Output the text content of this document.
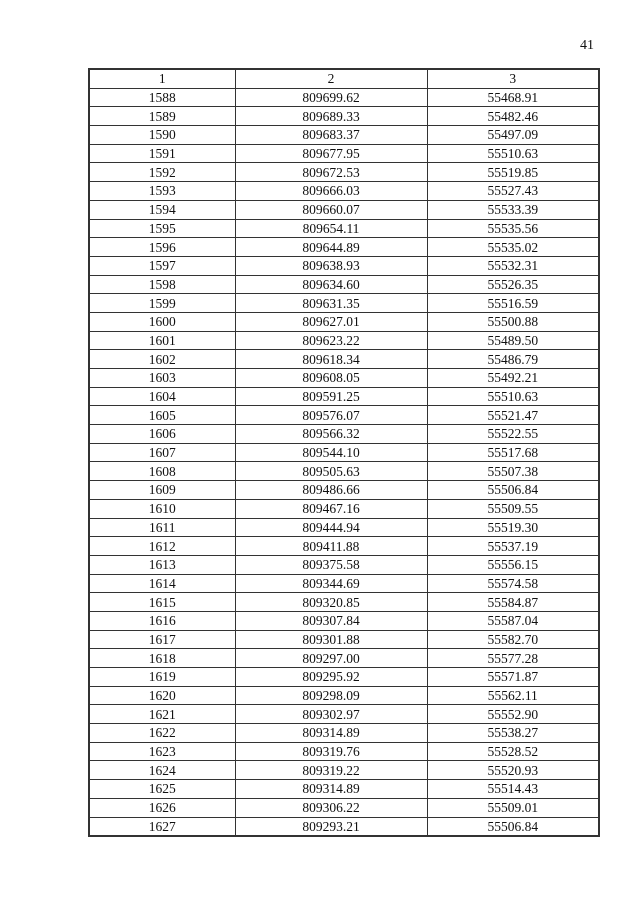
41
1	2	3
1588	809699.62	55468.91
1589	809689.33	55482.46
1590	809683.37	55497.09
1591	809677.95	55510.63
1592	809672.53	55519.85
1593	809666.03	55527.43
1594	809660.07	55533.39
1595	809654.11	55535.56
1596	809644.89	55535.02
1597	809638.93	55532.31
1598	809634.60	55526.35
1599	809631.35	55516.59
1600	809627.01	55500.88
1601	809623.22	55489.50
1602	809618.34	55486.79
1603	809608.05	55492.21
1604	809591.25	55510.63
1605	809576.07	55521.47
1606	809566.32	55522.55
1607	809544.10	55517.68
1608	809505.63	55507.38
1609	809486.66	55506.84
1610	809467.16	55509.55
1611	809444.94	55519.30
1612	809411.88	55537.19
1613	809375.58	55556.15
1614	809344.69	55574.58
1615	809320.85	55584.87
1616	809307.84	55587.04
1617	809301.88	55582.70
1618	809297.00	55577.28
1619	809295.92	55571.87
1620	809298.09	55562.11
1621	809302.97	55552.90
1622	809314.89	55538.27
1623	809319.76	55528.52
1624	809319.22	55520.93
1625	809314.89	55514.43
1626	809306.22	55509.01
1627	809293.21	55506.84
